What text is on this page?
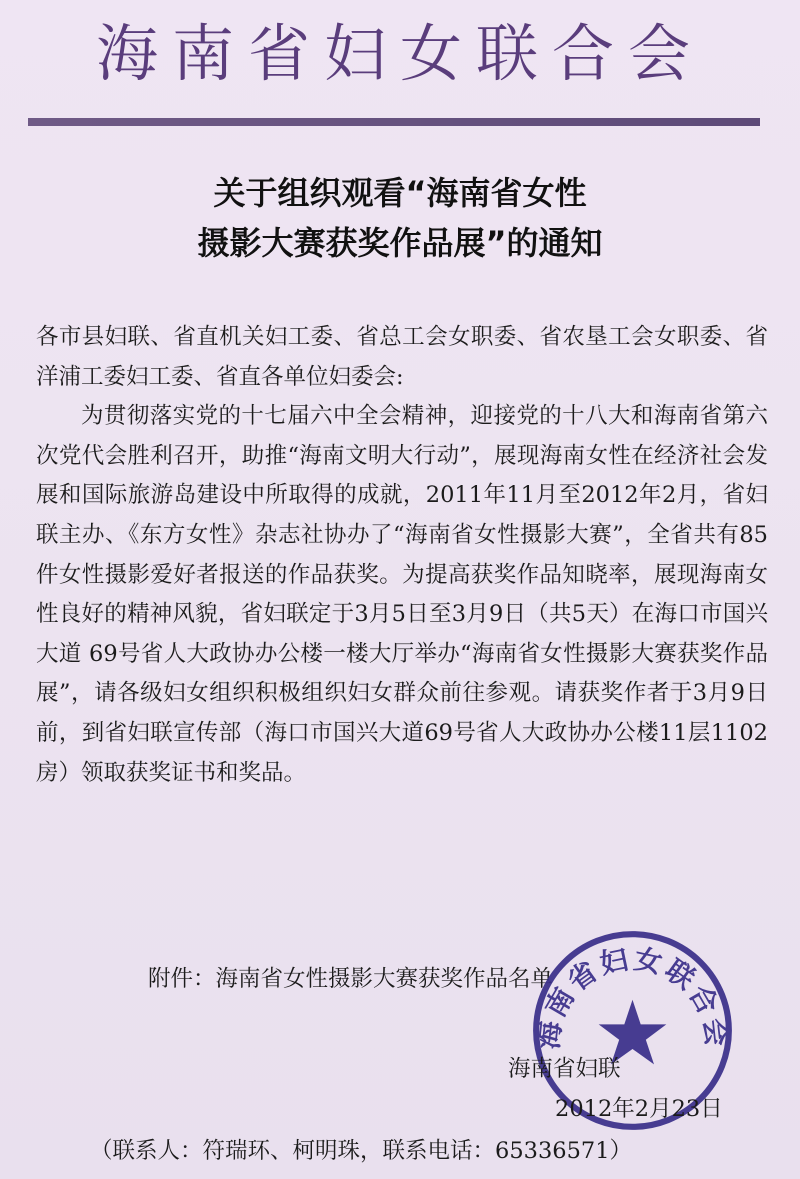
海南省妇女联合会
关于组织观看“海南省女性
摄影大赛获奖作品展”的通知

各市县妇联、省直机关妇工委、省总工会女职委、省农垦工会女职委、省洋浦工委妇工委、省直各单位妇委会:

为贯彻落实党的十七届六中全会精神，迎接党的十八大和海南省第六次党代会胜利召开，助推“海南文明大行动”，展现海南女性在经济社会发展和国际旅游岛建设中所取得的成就，2011年11月至2012年2月，省妇联主办、《东方女性》杂志社协办了“海南省女性摄影大赛”，全省共有85件女性摄影爱好者报送的作品获奖。为提高获奖作品知晓率，展现海南女性良好的精神风貌，省妇联定于3月5日至3月9日（共5天）在海口市国兴大道 69号省人大政协办公楼一楼大厅举办“海南省女性摄影大赛获奖作品展”，请各级妇女组织积极组织妇女群众前往参观。请获奖作者于3月9日前，到省妇联宣传部（海口市国兴大道69号省人大政协办公楼11层1102房）领取获奖证书和奖品。

附件：海南省女性摄影大赛获奖作品名单
海南省妇女联合会
海南省妇联
2012年2月23日
（联系人：符瑞环、柯明珠，联系电话：65336571）
